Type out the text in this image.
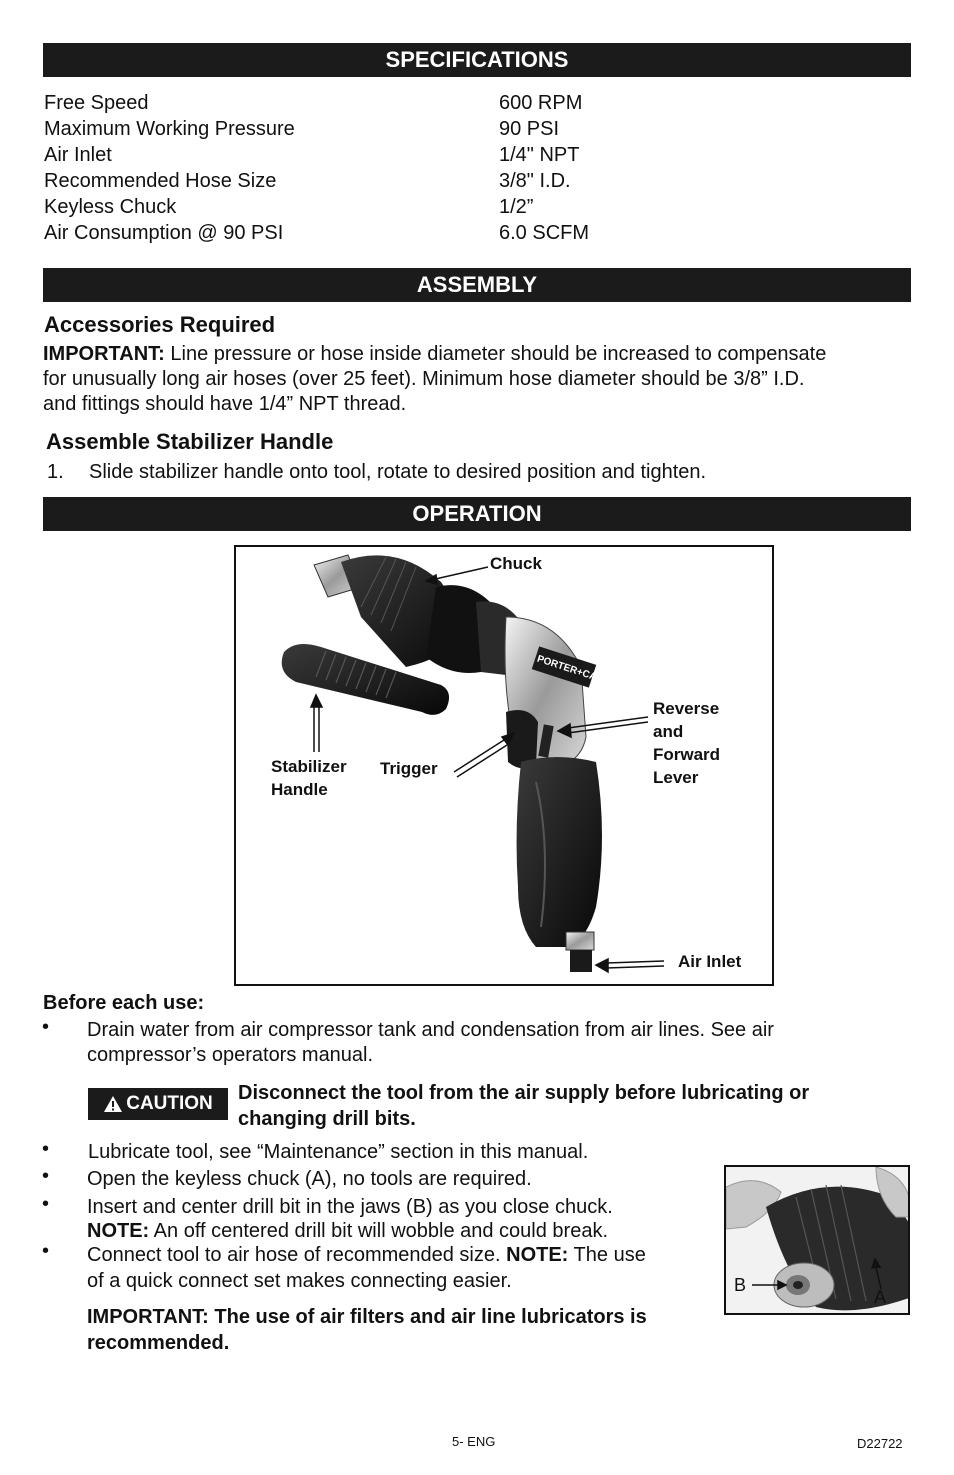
SPECIFICATIONS
Free Speed	600 RPM
Maximum Working Pressure	90 PSI
Air Inlet	1/4" NPT
Recommended Hose Size	3/8" I.D.
Keyless Chuck	1/2”
Air Consumption @ 90 PSI	6.0 SCFM
ASSEMBLY
Accessories Required
IMPORTANT: Line pressure or hose inside diameter should be increased to compensate
for unusually long air hoses (over 25 feet). Minimum hose diameter should be 3/8” I.D.
and fittings should have 1/4” NPT thread.
Assemble Stabilizer Handle
1. Slide stabilizer handle onto tool, rotate to desired position and tighten.
OPERATION
PORTER+CABLE
Chuck
Reverse
and
Forward
Lever
Stabilizer
Handle
Trigger
Air Inlet
Before each use:
• Drain water from air compressor tank and condensation from air lines. See air
compressor’s operators manual.
CAUTION Disconnect the tool from the air supply before lubricating or
changing drill bits.
• Lubricate tool, see “Maintenance” section in this manual.
• Open the keyless chuck (A), no tools are required.
• Insert and center drill bit in the jaws (B) as you close chuck.
NOTE: An off centered drill bit will wobble and could break.
• Connect tool to air hose of recommended size. NOTE: The use
of a quick connect set makes connecting easier.
IMPORTANT: The use of air filters and air line lubricators is
recommended.
B
A
5- ENG	D22722
